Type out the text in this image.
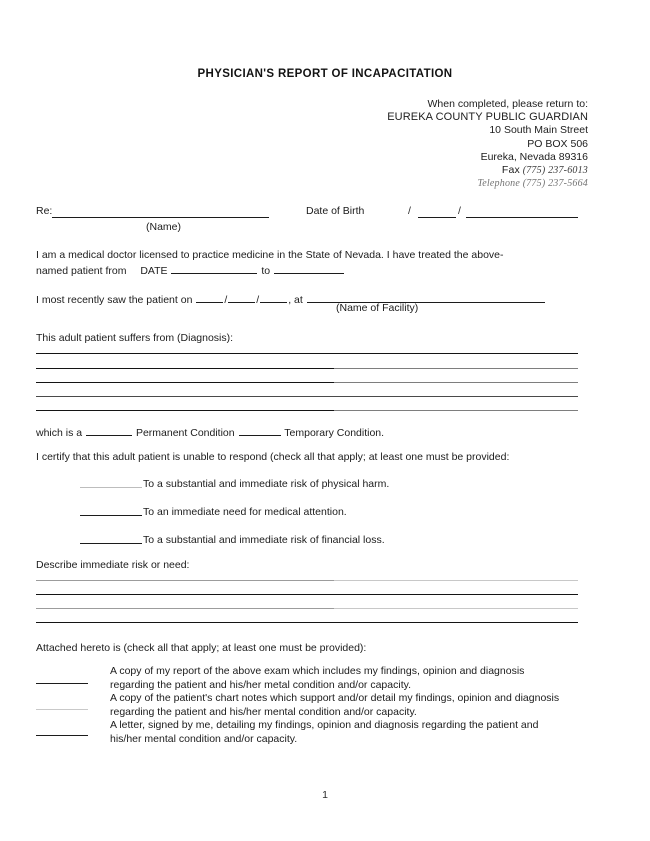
PHYSICIAN'S REPORT OF INCAPACITATION
When completed, please return to:
EUREKA COUNTY PUBLIC GUARDIAN
10 South Main Street
PO BOX 506
Eureka, Nevada 89316
Fax (775) 237-6013
Telephone (775) 237-5664
Re:
(Name)
Date of Birth	/	/
I am a medical doctor licensed to practice medicine in the State of Nevada. I have treated the above-
named patient from DATE	to
I most recently saw the patient on	/	/	, at
(Name of Facility)
This adult patient suffers from (Diagnosis):
which is a	Permanent Condition	Temporary Condition.
I certify that this adult patient is unable to respond (check all that apply; at least one must be provided:
To a substantial and immediate risk of physical harm.
To an immediate need for medical attention.
To a substantial and immediate risk of financial loss.
Describe immediate risk or need:
Attached hereto is (check all that apply; at least one must be provided):
A copy of my report of the above exam which includes my findings, opinion and diagnosis regarding the patient and his/her metal condition and/or capacity.
A copy of the patient's chart notes which support and/or detail my findings, opinion and diagnosis regarding the patient and his/her mental condition and/or capacity.
A letter, signed by me, detailing my findings, opinion and diagnosis regarding the patient and his/her mental condition and/or capacity.
1
